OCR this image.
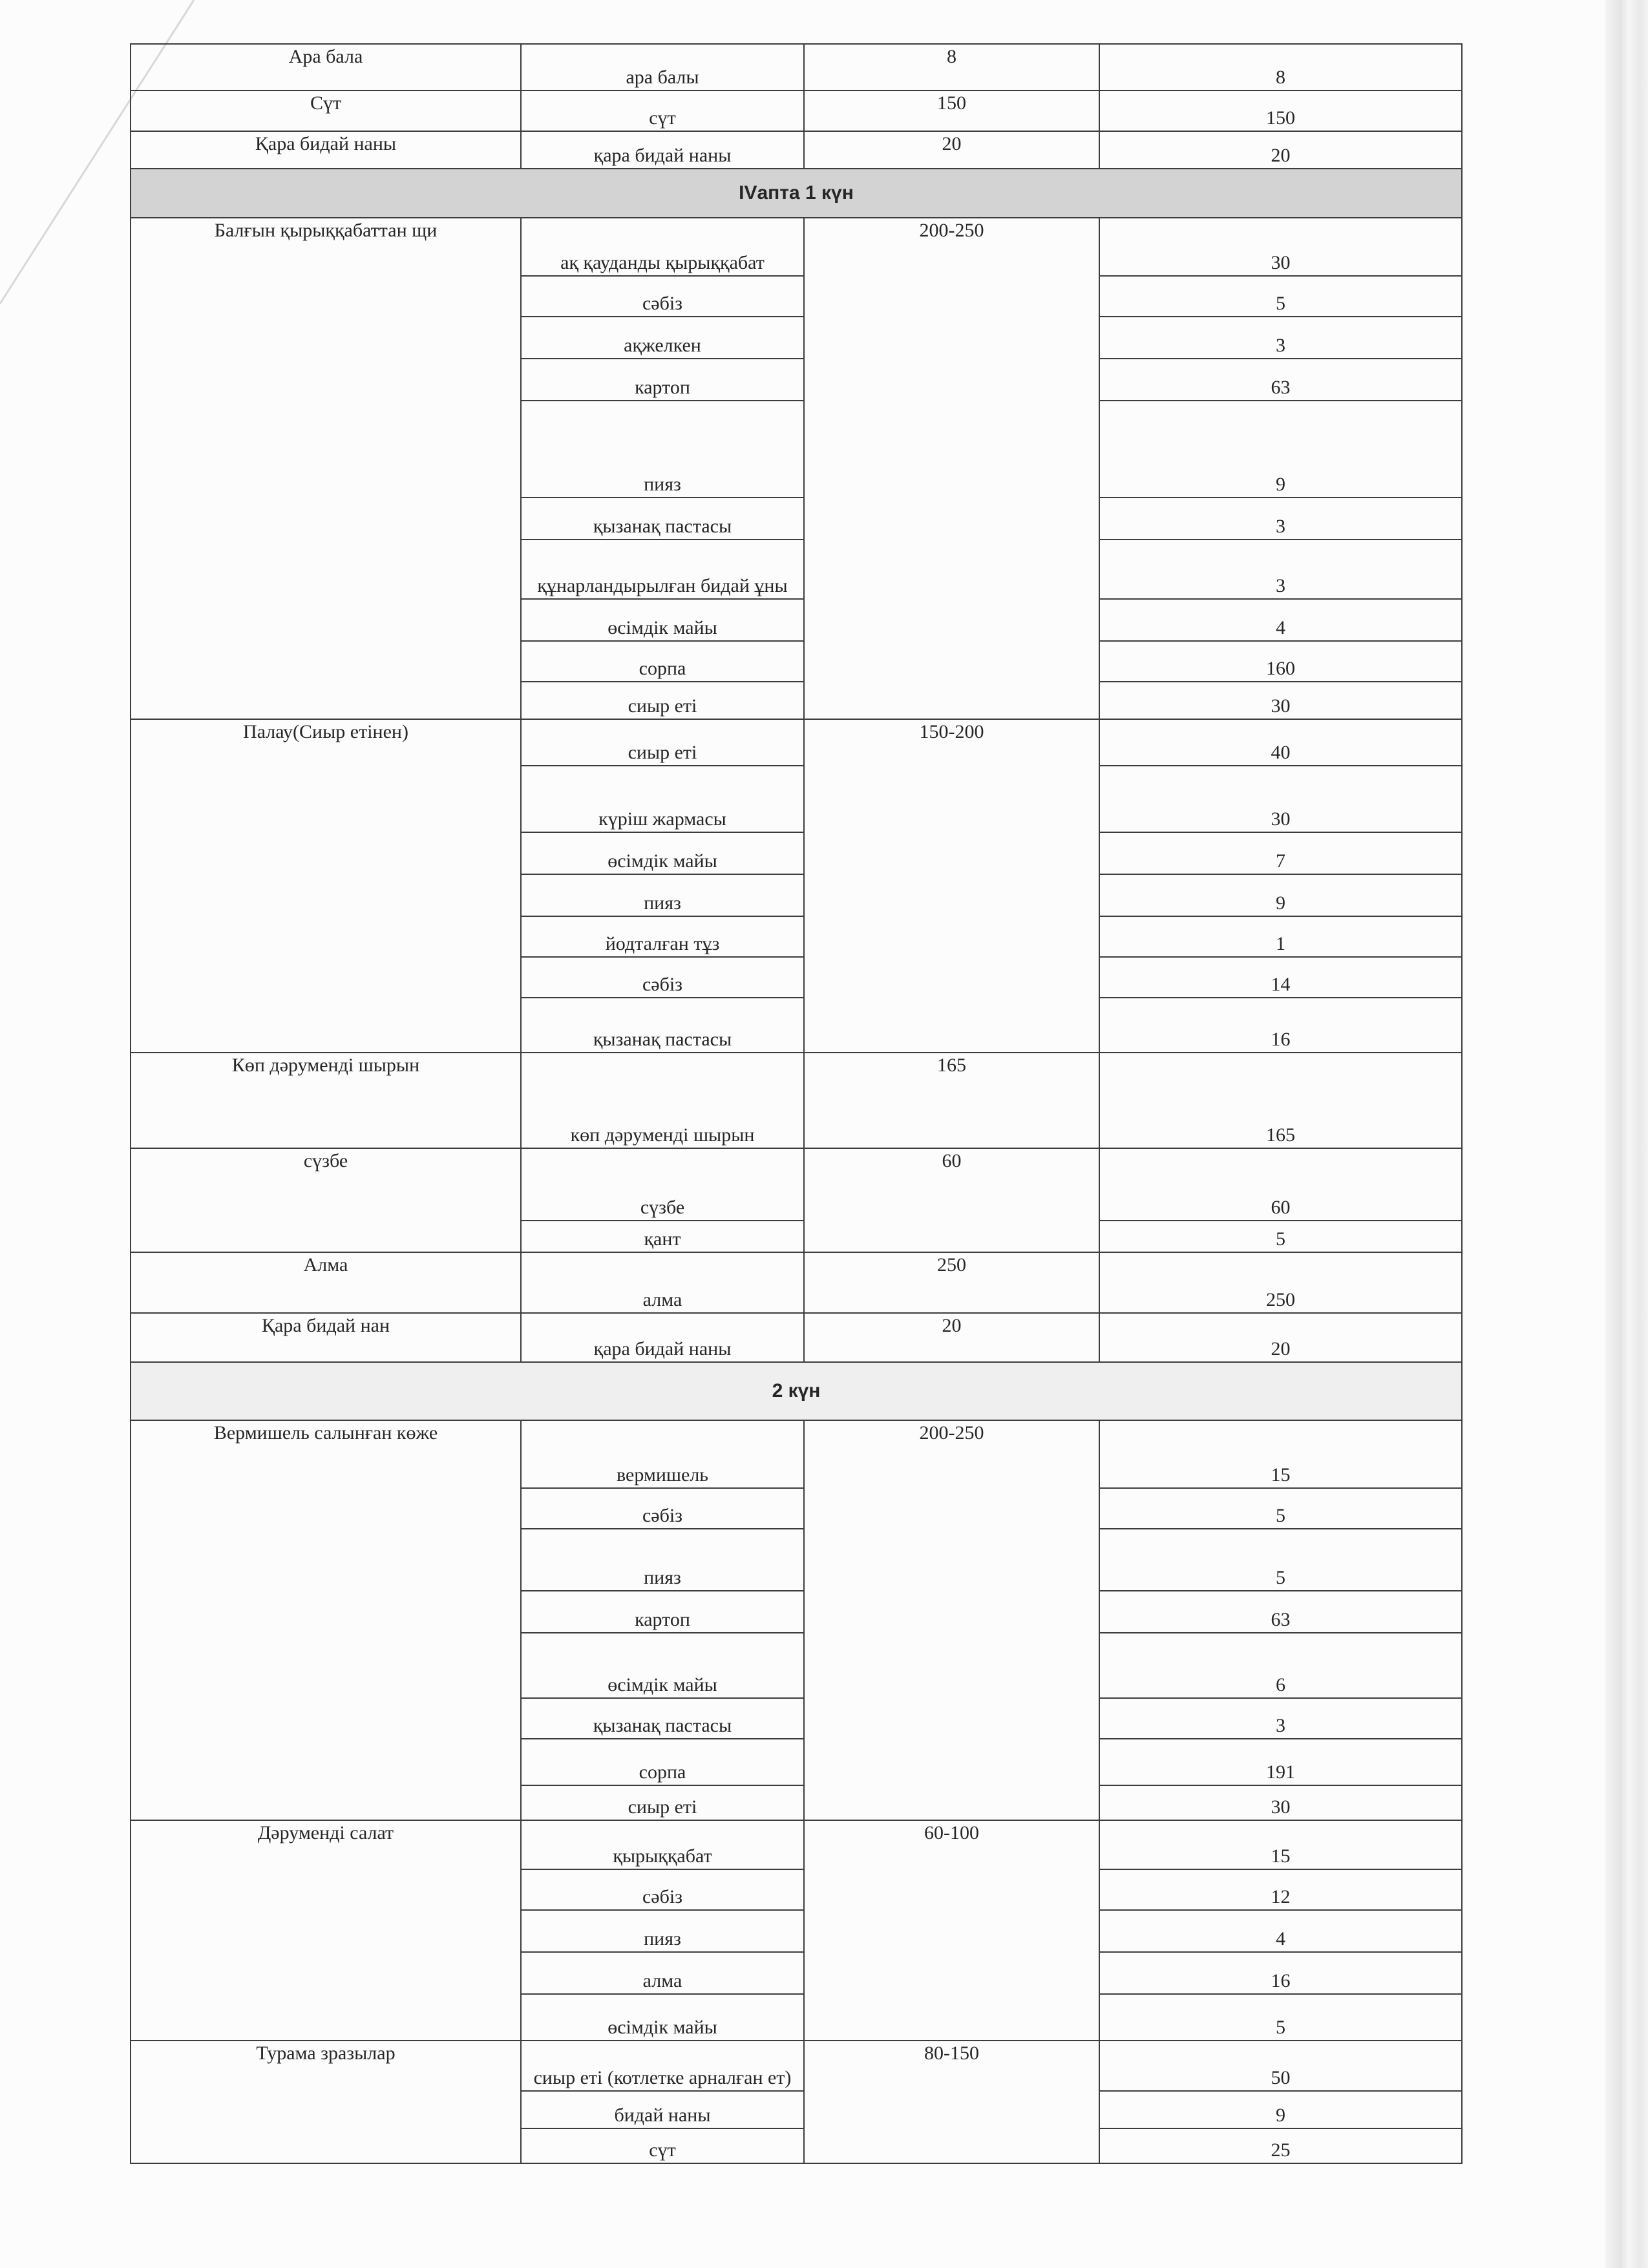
Ара бала	ара балы	8	8
Сүт	сүт	150	150
Қара бидай наны	қара бидай наны	20	20
IVапта 1 күн			
Балғын қырыққабаттан щи	ақ қауданды қырыққабат	200-250	30
	сәбіз		5
	ақжелкен		3
	картоп		63
	пияз		9
	қызанақ пастасы		3
	құнарландырылған бидай ұны		3
	өсімдік майы		4
	сорпа		160
	сиыр еті		30
Палау(Сиыр етінен)	сиыр еті	150-200	40
	күріш жармасы		30
	өсімдік майы		7
	пияз		9
	йодталған тұз		1
	сәбіз		14
	қызанақ пастасы		16
Көп дәруменді шырын	көп дәруменді шырын	165	165
сүзбе	сүзбе	60	60
	қант		5
Алма	алма	250	250
Қара бидай нан	қара бидай наны	20	20
2 күн			
Вермишель салынған көже	вермишель	200-250	15
	сәбіз		5
	пияз		5
	картоп		63
	өсімдік майы		6
	қызанақ пастасы		3
	сорпа		191
	сиыр еті		30
Дәруменді салат	қырыққабат	60-100	15
	сәбіз		12
	пияз		4
	алма		16
	өсімдік майы		5
Турама зразылар	сиыр еті (котлетке арналған ет)	80-150	50
	бидай наны		9
	сүт		25
